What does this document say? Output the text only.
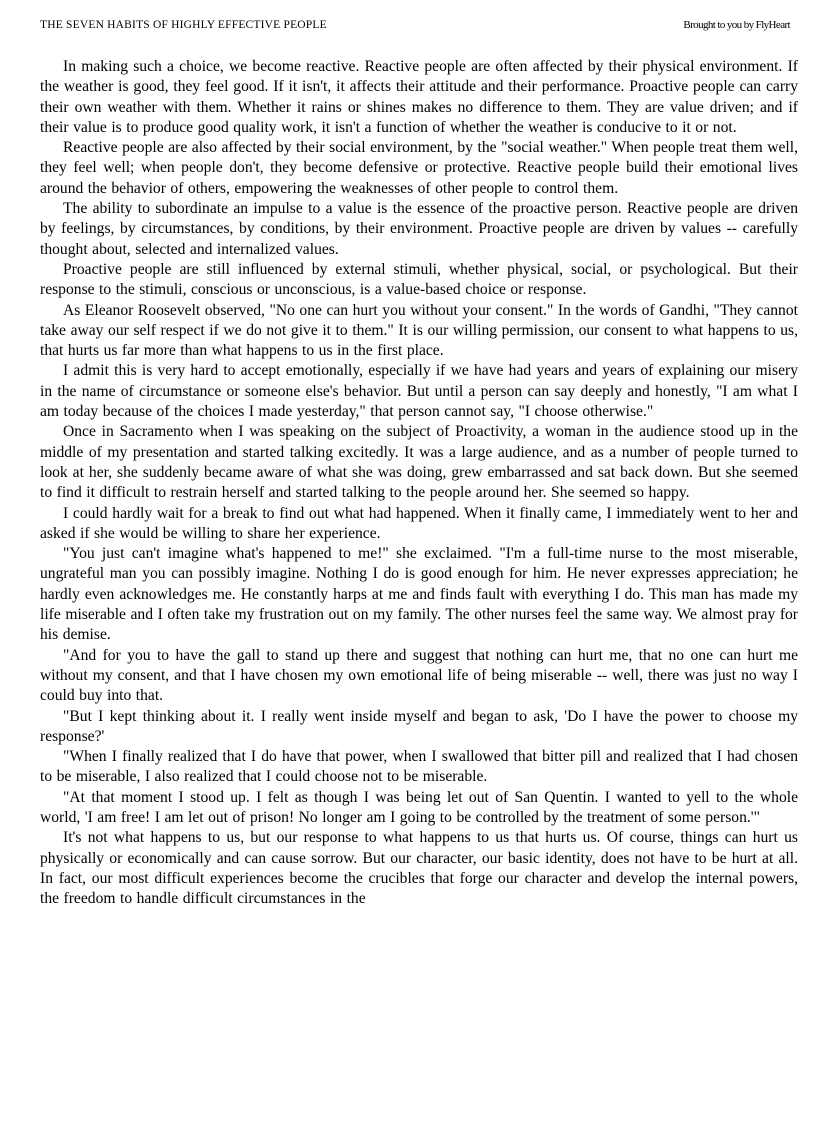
THE SEVEN HABITS OF HIGHLY EFFECTIVE PEOPLE	Brought to you by FlyHeart

In making such a choice, we become reactive. Reactive people are often affected by their physical environment. If the weather is good, they feel good. If it isn't, it affects their attitude and their performance. Proactive people can carry their own weather with them. Whether it rains or shines makes no difference to them. They are value driven; and if their value is to produce good quality work, it isn't a function of whether the weather is conducive to it or not.

Reactive people are also affected by their social environment, by the "social weather." When people treat them well, they feel well; when people don't, they become defensive or protective. Reactive people build their emotional lives around the behavior of others, empowering the weaknesses of other people to control them.

The ability to subordinate an impulse to a value is the essence of the proactive person. Reactive people are driven by feelings, by circumstances, by conditions, by their environment. Proactive people are driven by values -- carefully thought about, selected and internalized values.

Proactive people are still influenced by external stimuli, whether physical, social, or psychological. But their response to the stimuli, conscious or unconscious, is a value-based choice or response.

As Eleanor Roosevelt observed, "No one can hurt you without your consent." In the words of Gandhi, "They cannot take away our self respect if we do not give it to them." It is our willing permission, our consent to what happens to us, that hurts us far more than what happens to us in the first place.

I admit this is very hard to accept emotionally, especially if we have had years and years of explaining our misery in the name of circumstance or someone else's behavior. But until a person can say deeply and honestly, "I am what I am today because of the choices I made yesterday," that person cannot say, "I choose otherwise."

Once in Sacramento when I was speaking on the subject of Proactivity, a woman in the audience stood up in the middle of my presentation and started talking excitedly. It was a large audience, and as a number of people turned to look at her, she suddenly became aware of what she was doing, grew embarrassed and sat back down. But she seemed to find it difficult to restrain herself and started talking to the people around her. She seemed so happy.

I could hardly wait for a break to find out what had happened. When it finally came, I immediately went to her and asked if she would be willing to share her experience.

"You just can't imagine what's happened to me!" she exclaimed. "I'm a full-time nurse to the most miserable, ungrateful man you can possibly imagine. Nothing I do is good enough for him. He never expresses appreciation; he hardly even acknowledges me. He constantly harps at me and finds fault with everything I do. This man has made my life miserable and I often take my frustration out on my family. The other nurses feel the same way. We almost pray for his demise.

"And for you to have the gall to stand up there and suggest that nothing can hurt me, that no one can hurt me without my consent, and that I have chosen my own emotional life of being miserable -- well, there was just no way I could buy into that.

"But I kept thinking about it. I really went inside myself and began to ask, 'Do I have the power to choose my response?'

"When I finally realized that I do have that power, when I swallowed that bitter pill and realized that I had chosen to be miserable, I also realized that I could choose not to be miserable.

"At that moment I stood up. I felt as though I was being let out of San Quentin. I wanted to yell to the whole world, 'I am free! I am let out of prison! No longer am I going to be controlled by the treatment of some person.'"

It's not what happens to us, but our response to what happens to us that hurts us. Of course, things can hurt us physically or economically and can cause sorrow. But our character, our basic identity, does not have to be hurt at all. In fact, our most difficult experiences become the crucibles that forge our character and develop the internal powers, the freedom to handle difficult circumstances in the
